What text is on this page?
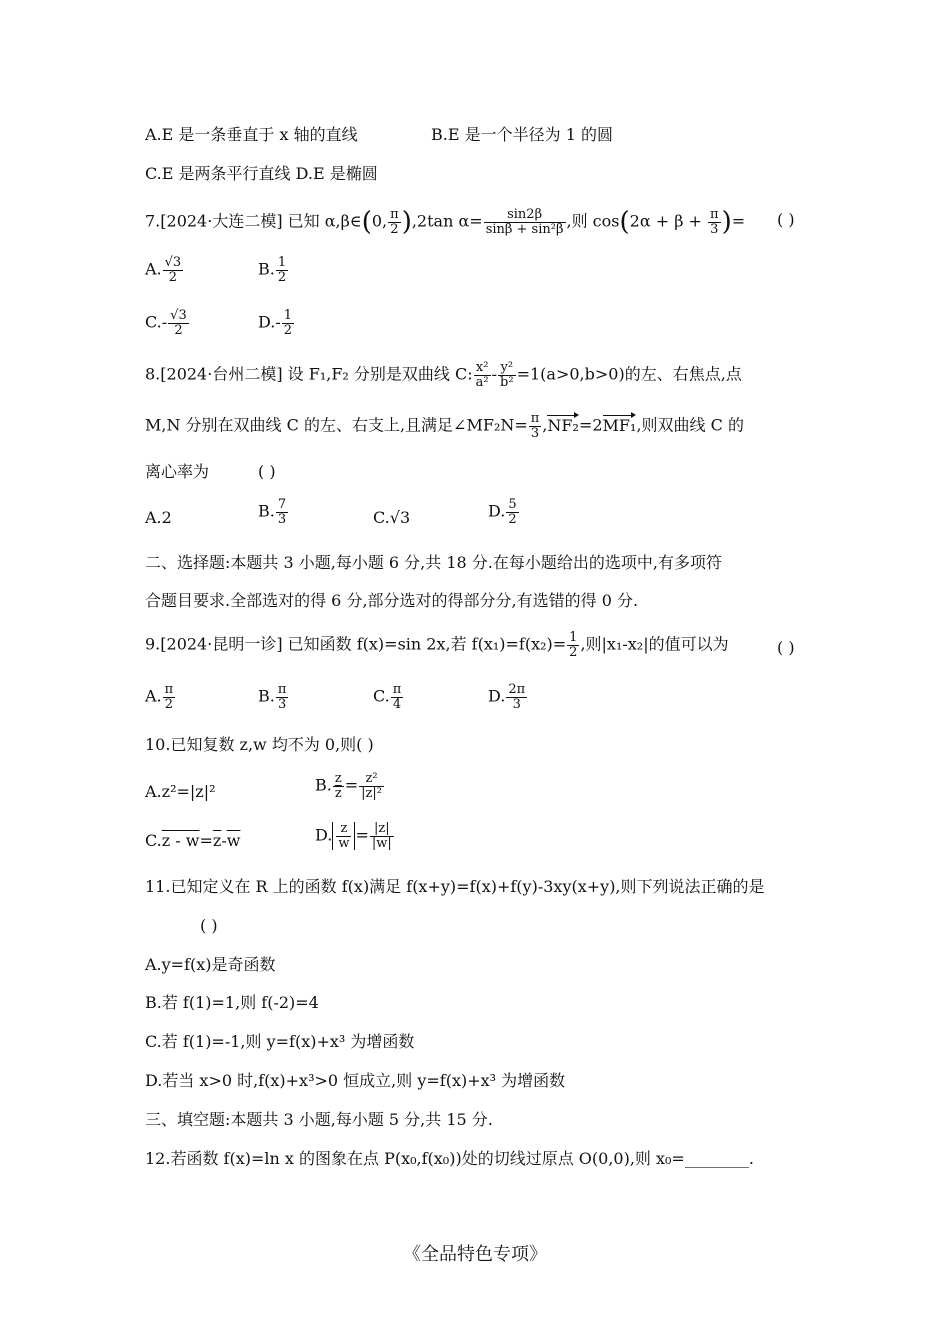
A.E 是一条垂直于 x 轴的直线	B.E 是一个半径为 1 的圆
C.E 是两条平行直线 D.E 是椭圆
7.[2024·大连二模] 已知 α,β∈(0, $\frac{\pi}{2} ),2\tan$ $\alpha= \frac{\sin 2\beta}{\text{sinβ + sin²β}}$ ,则 $\cos(2\alpha + \beta + \frac{\pi}{3}$ )= ( )
A. $\frac{√3}{2}$	B. $\frac{1}{2}$
$C.- \frac{√3}{2}$	$D.- \frac{1}{2}$
8.[2024·台州二模] 设 F₁,F₂ 分别是双曲线 C: $\frac{\text{x²}}{\text{a²}} - \frac{\text{y²}}{\text{b²}} =1(a>0,b>0)$的左、右焦点,点
M,N 分别在双曲线 C 的左、右支上,且满足∠MF₂N= $\frac{\pi}{3} ,NF_2=2MF_1$,则双曲线 C 的
离心率为	( )
A.2	B. $\frac{7}{3}$	C.√3	D. $\frac{5}{2}$
二、选择题:本题共 3 小题,每小题 6 分,共 18 分.在每小题给出的选项中,有多项符
合题目要求.全部选对的得 6 分,部分选对的得部分分,有选错的得 0 分.
9.[2024·昆明一诊] 已知函数 f(x)=sin 2x,若 $f(x_1)=f(x_2)= \frac{1}{2}$ ,则|x₁-x₂|的值可以为	( )
A. $\frac{\pi}{2}$	B. $\frac{\pi}{3}$	C. $\frac{\pi}{4}$	D. $\frac{2\pi}{3}$
10.已知复数 z,w 均不为 0,则( )
A.z²=|z|²	B. $\frac{z}{z} = \frac{\text{z²}}{\text{|z|²}}$
$C.z - w=\overline{z}-\overline{w}$	D. $\frac{z}{w} = \frac{|z|}{|w|}$
11.已知定义在 R 上的函数 f(x)满足 f(x+y)=f(x)+f(y)-3xy(x+y),则下列说法正确的是
( )
A.y=f(x)是奇函数
B.若 f(1)=1,则 f(-2)=4
C.若 f(1)=-1,则 y=f(x)+x³ 为增函数
D.若当 x>0 时,f(x)+x³>0 恒成立,则 y=f(x)+x³ 为增函数
三、填空题:本题共 3 小题,每小题 5 分,共 15 分.
12.若函数 f(x)=ln x 的图象在点 P(x₀,f(x₀))处的切线过原点 O(0,0),则 x₀=________.
《全品特色专项》
